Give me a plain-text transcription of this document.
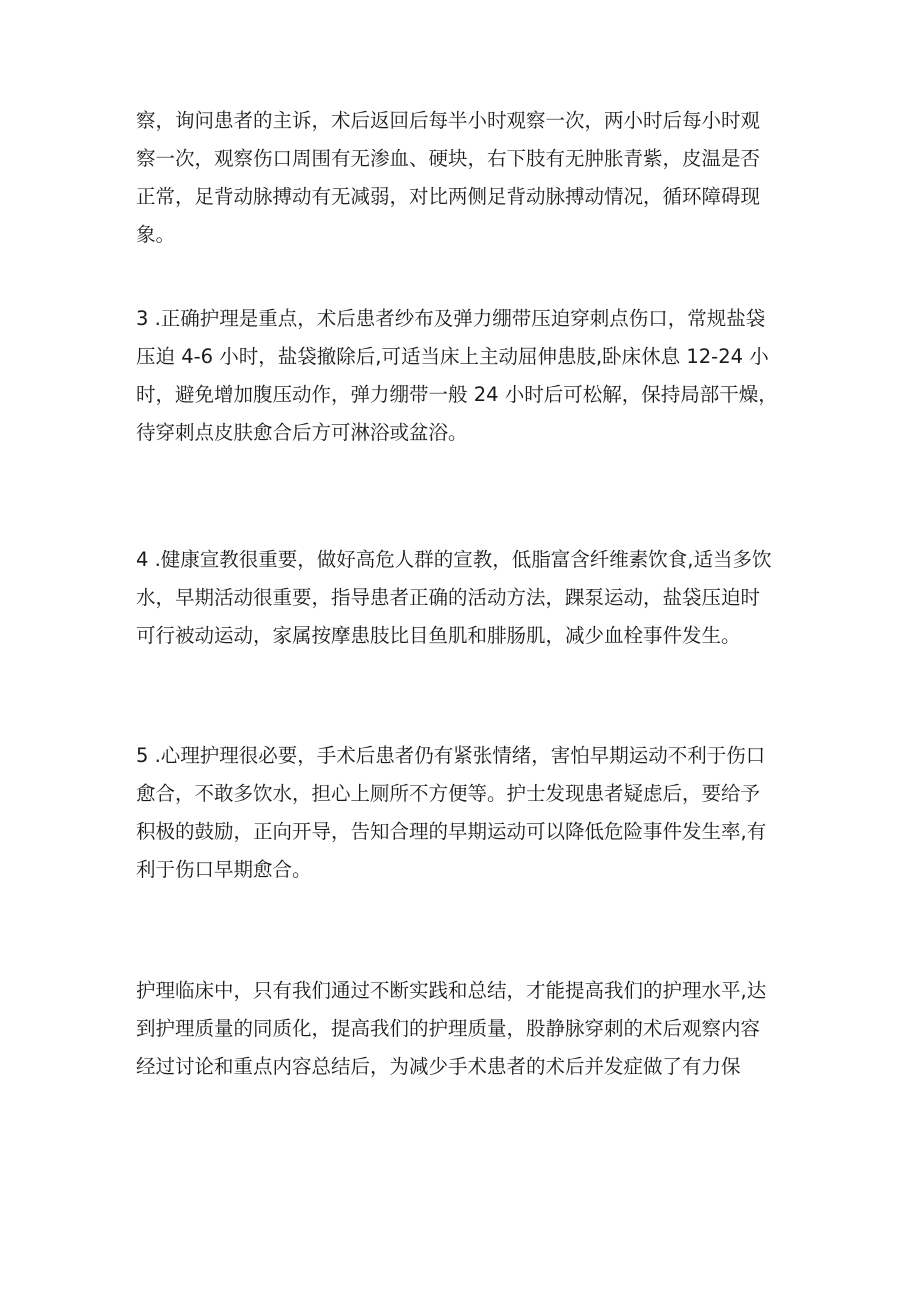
察，询问患者的主诉，术后返回后每半小时观察一次，两小时后每小时观
察一次，观察伤口周围有无渗血、硬块，右下肢有无肿胀青紫，皮温是否
正常，足背动脉搏动有无减弱，对比两侧足背动脉搏动情况，循环障碍现
象。
3 .正确护理是重点，术后患者纱布及弹力绷带压迫穿刺点伤口，常规盐袋
压迫 4-6 小时，盐袋撤除后,可适当床上主动屈伸患肢,卧床休息 12-24 小
时，避免增加腹压动作，弹力绷带一般 24 小时后可松解，保持局部干燥，
待穿刺点皮肤愈合后方可淋浴或盆浴。
4 .健康宣教很重要，做好高危人群的宣教，低脂富含纤维素饮食,适当多饮
水，早期活动很重要，指导患者正确的活动方法，踝泵运动，盐袋压迫时
可行被动运动，家属按摩患肢比目鱼肌和腓肠肌，减少血栓事件发生。
5 .心理护理很必要，手术后患者仍有紧张情绪，害怕早期运动不利于伤口
愈合，不敢多饮水，担心上厕所不方便等。护士发现患者疑虑后，要给予
积极的鼓励，正向开导，告知合理的早期运动可以降低危险事件发生率,有
利于伤口早期愈合。
护理临床中，只有我们通过不断实践和总结，才能提高我们的护理水平,达
到护理质量的同质化，提高我们的护理质量，股静脉穿刺的术后观察内容
经过讨论和重点内容总结后，为减少手术患者的术后并发症做了有力保
